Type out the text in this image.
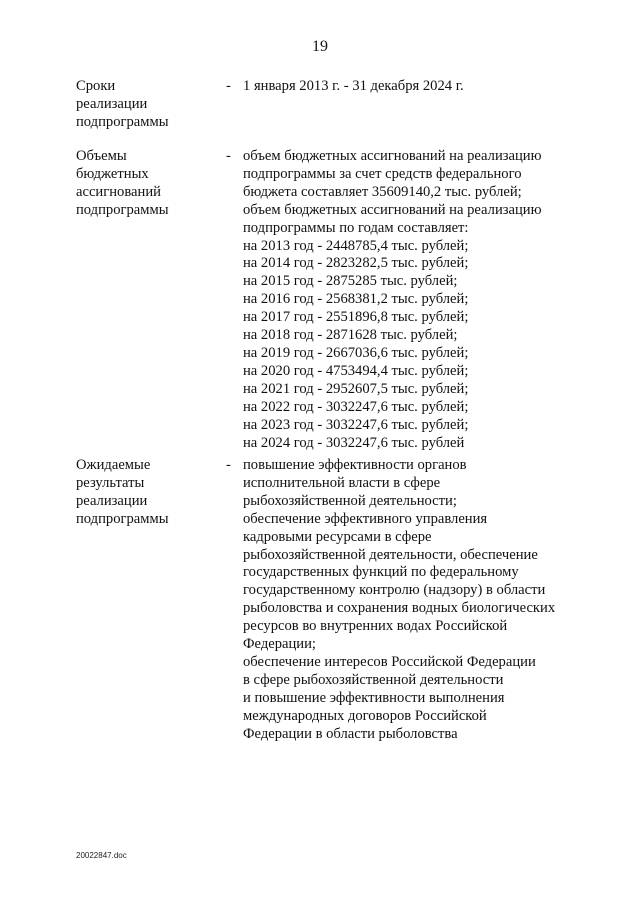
19
Сроки
реализации
подпрограммы
- 1 января 2013 г. - 31 декабря 2024 г.
Объемы
бюджетных
ассигнований
подпрограммы
- объем бюджетных ассигнований на реализацию
подпрограммы за счет средств федерального
бюджета составляет 35609140,2 тыс. рублей;
объем бюджетных ассигнований на реализацию
подпрограммы по годам составляет:
на 2013 год - 2448785,4 тыс. рублей;
на 2014 год - 2823282,5 тыс. рублей;
на 2015 год - 2875285 тыс. рублей;
на 2016 год - 2568381,2 тыс. рублей;
на 2017 год - 2551896,8 тыс. рублей;
на 2018 год - 2871628 тыс. рублей;
на 2019 год - 2667036,6 тыс. рублей;
на 2020 год - 4753494,4 тыс. рублей;
на 2021 год - 2952607,5 тыс. рублей;
на 2022 год - 3032247,6 тыс. рублей;
на 2023 год - 3032247,6 тыс. рублей;
на 2024 год - 3032247,6 тыс. рублей
Ожидаемые
результаты
реализации
подпрограммы
- повышение эффективности органов
исполнительной власти в сфере
рыбохозяйственной деятельности;
обеспечение эффективного управления
кадровыми ресурсами в сфере
рыбохозяйственной деятельности, обеспечение
государственных функций по федеральному
государственному контролю (надзору) в области
рыболовства и сохранения водных биологических
ресурсов во внутренних водах Российской
Федерации;
обеспечение интересов Российской Федерации
в сфере рыбохозяйственной деятельности
и повышение эффективности выполнения
международных договоров Российской
Федерации в области рыболовства
20022847.doc
